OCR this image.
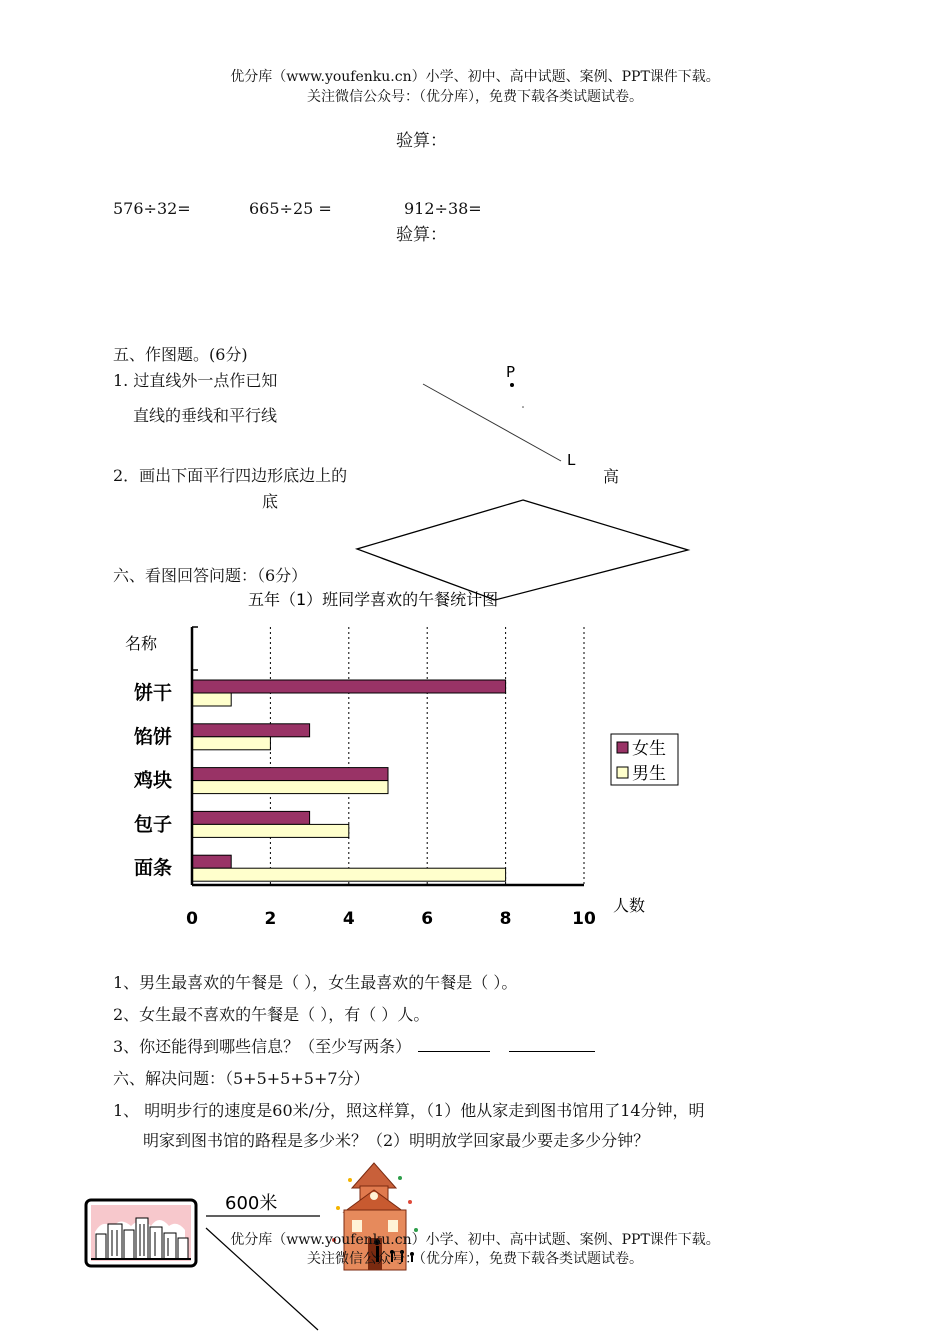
优分库（www.youfenku.cn）小学、初中、高中试题、案例、PPT课件下载。
关注微信公众号：（优分库），免费下载各类试题试卷。
验算：
576÷32=	665÷25 =	912÷38=
验算：
五、作图题。(6分)
1. 过直线外一点作已知
直线的垂线和平行线
2．画出下面平行四边形底边上的	高
底
P
L
六、看图回答问题：（6分）
五年（1）班同学喜欢的午餐统计图
名称
人数
饼干
馅饼
鸡块
包子
面条
0	2	4	6	8	10
女生
男生
1、男生最喜欢的午餐是（ ），女生最喜欢的午餐是（ ）。
2、女生最不喜欢的午餐是（ ），有（ ）人。
3、你还能得到哪些信息？（至少写两条）
六、解决问题：（5+5+5+5+7分）
1、 明明步行的速度是60米/分，照这样算，（1）他从家走到图书馆用了14分钟，明
明家到图书馆的路程是多少米？（2）明明放学回家最少要走多少分钟？
600米
优分库（www.youfenku.cn）小学、初中、高中试题、案例、PPT课件下载。
关注微信公众号：（优分库），免费下载各类试题试卷。
